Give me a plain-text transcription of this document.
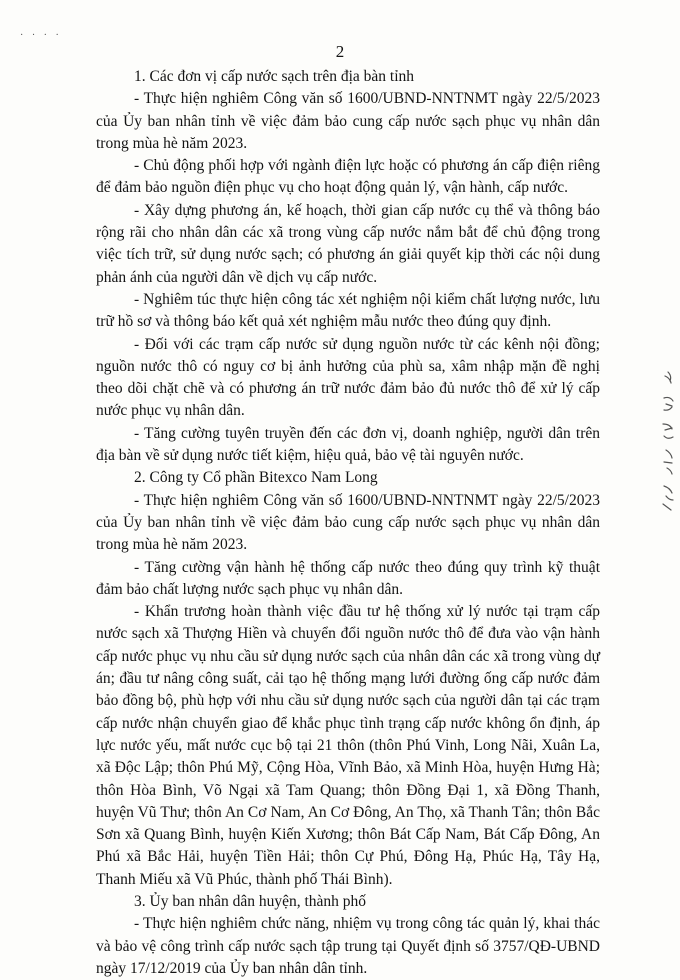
· · · ·
2

1. Các đơn vị cấp nước sạch trên địa bàn tỉnh

- Thực hiện nghiêm Công văn số 1600/UBND-NNTNMT ngày 22/5/2023 của Ủy ban nhân tỉnh về việc đảm bảo cung cấp nước sạch phục vụ nhân dân trong mùa hè năm 2023.

- Chủ động phối hợp với ngành điện lực hoặc có phương án cấp điện riêng để đảm bảo nguồn điện phục vụ cho hoạt động quản lý, vận hành, cấp nước.

- Xây dựng phương án, kế hoạch, thời gian cấp nước cụ thể và thông báo rộng rãi cho nhân dân các xã trong vùng cấp nước nắm bắt để chủ động trong việc tích trữ, sử dụng nước sạch; có phương án giải quyết kịp thời các nội dung phản ánh của người dân về dịch vụ cấp nước.

- Nghiêm túc thực hiện công tác xét nghiệm nội kiểm chất lượng nước, lưu trữ hồ sơ và thông báo kết quả xét nghiệm mẫu nước theo đúng quy định.

- Đối với các trạm cấp nước sử dụng nguồn nước từ các kênh nội đồng; nguồn nước thô có nguy cơ bị ảnh hưởng của phù sa, xâm nhập mặn đề nghị theo dõi chặt chẽ và có phương án trữ nước đảm bảo đủ nước thô để xử lý cấp nước phục vụ nhân dân.

- Tăng cường tuyên truyền đến các đơn vị, doanh nghiệp, người dân trên địa bàn về sử dụng nước tiết kiệm, hiệu quả, bảo vệ tài nguyên nước.

2. Công ty Cổ phần Bitexco Nam Long

- Thực hiện nghiêm Công văn số 1600/UBND-NNTNMT ngày 22/5/2023 của Ủy ban nhân tỉnh về việc đảm bảo cung cấp nước sạch phục vụ nhân dân trong mùa hè năm 2023.

- Tăng cường vận hành hệ thống cấp nước theo đúng quy trình kỹ thuật đảm bảo chất lượng nước sạch phục vụ nhân dân.

- Khẩn trương hoàn thành việc đầu tư hệ thống xử lý nước tại trạm cấp nước sạch xã Thượng Hiền và chuyển đổi nguồn nước thô để đưa vào vận hành cấp nước phục vụ nhu cầu sử dụng nước sạch của nhân dân các xã trong vùng dự án; đầu tư nâng công suất, cải tạo hệ thống mạng lưới đường ống cấp nước đảm bảo đồng bộ, phù hợp với nhu cầu sử dụng nước sạch của người dân tại các trạm cấp nước nhận chuyển giao để khắc phục tình trạng cấp nước không ổn định, áp lực nước yếu, mất nước cục bộ tại 21 thôn (thôn Phú Vinh, Long Nãi, Xuân La, xã Độc Lập; thôn Phú Mỹ, Cộng Hòa, Vĩnh Bảo, xã Minh Hòa, huyện Hưng Hà; thôn Hòa Bình, Võ Ngại xã Tam Quang; thôn Đồng Đại 1, xã Đồng Thanh, huyện Vũ Thư; thôn An Cơ Nam, An Cơ Đông, An Thọ, xã Thanh Tân; thôn Bắc Sơn xã Quang Bình, huyện Kiến Xương; thôn Bát Cấp Nam, Bát Cấp Đông, An Phú xã Bắc Hải, huyện Tiền Hải; thôn Cự Phú, Đông Hạ, Phúc Hạ, Tây Hạ, Thanh Miếu xã Vũ Phúc, thành phố Thái Bình).

3. Ủy ban nhân dân huyện, thành phố

- Thực hiện nghiêm chức năng, nhiệm vụ trong công tác quản lý, khai thác và bảo vệ công trình cấp nước sạch tập trung tại Quyết định số 3757/QĐ-UBND ngày 17/12/2019 của Ủy ban nhân dân tỉnh.
